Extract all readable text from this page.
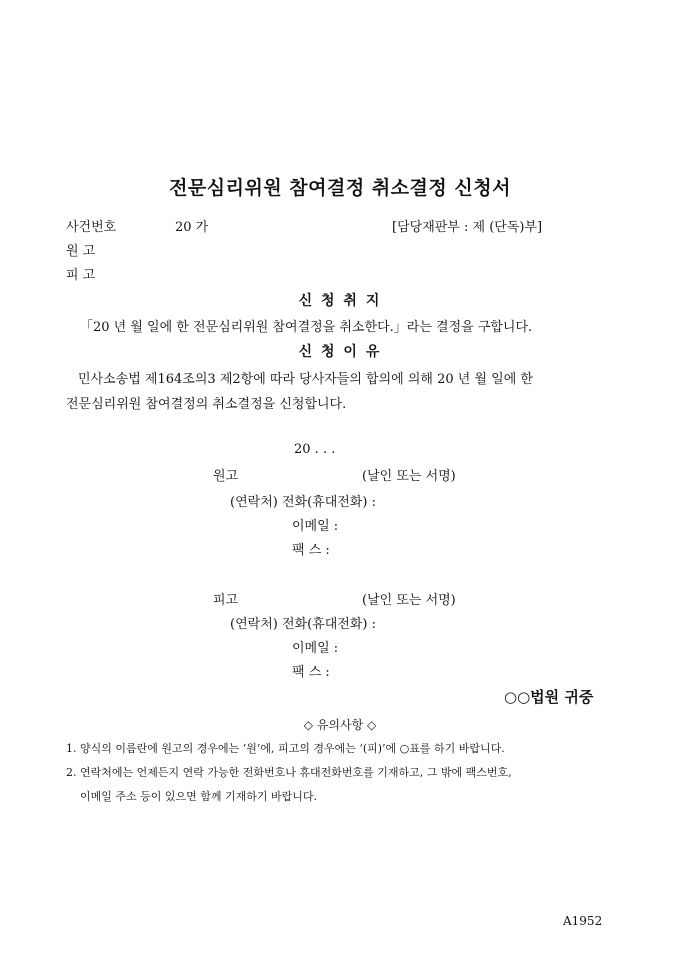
전문심리위원 참여결정 취소결정 신청서
사건번호	20 가	[담당재판부 : 제 (단독)부]
원 고
피 고
신 청 취 지
「20 년 월 일에 한 전문심리위원 참여결정을 취소한다.」라는 결정을 구합니다.
신 청 이 유
민사소송법 제164조의3 제2항에 따라 당사자들의 합의에 의해 20 년 월 일에 한
전문심리위원 참여결정의 취소결정을 신청합니다.
20 . . .
원고	(날인 또는 서명)
(연락처) 전화(휴대전화) :
이메일 :
팩 스 :
피고	(날인 또는 서명)
(연락처) 전화(휴대전화) :
이메일 :
팩 스 :
○○법원 귀중
◇ 유의사항 ◇
1. 양식의 이름란에 원고의 경우에는 ‘원’에, 피고의 경우에는 ‘(피)’에 ○표를 하기 바랍니다.
2. 연락처에는 언제든지 연락 가능한 전화번호나 휴대전화번호를 기재하고, 그 밖에 팩스번호,
이메일 주소 등이 있으면 함께 기재하기 바랍니다.
A1952
